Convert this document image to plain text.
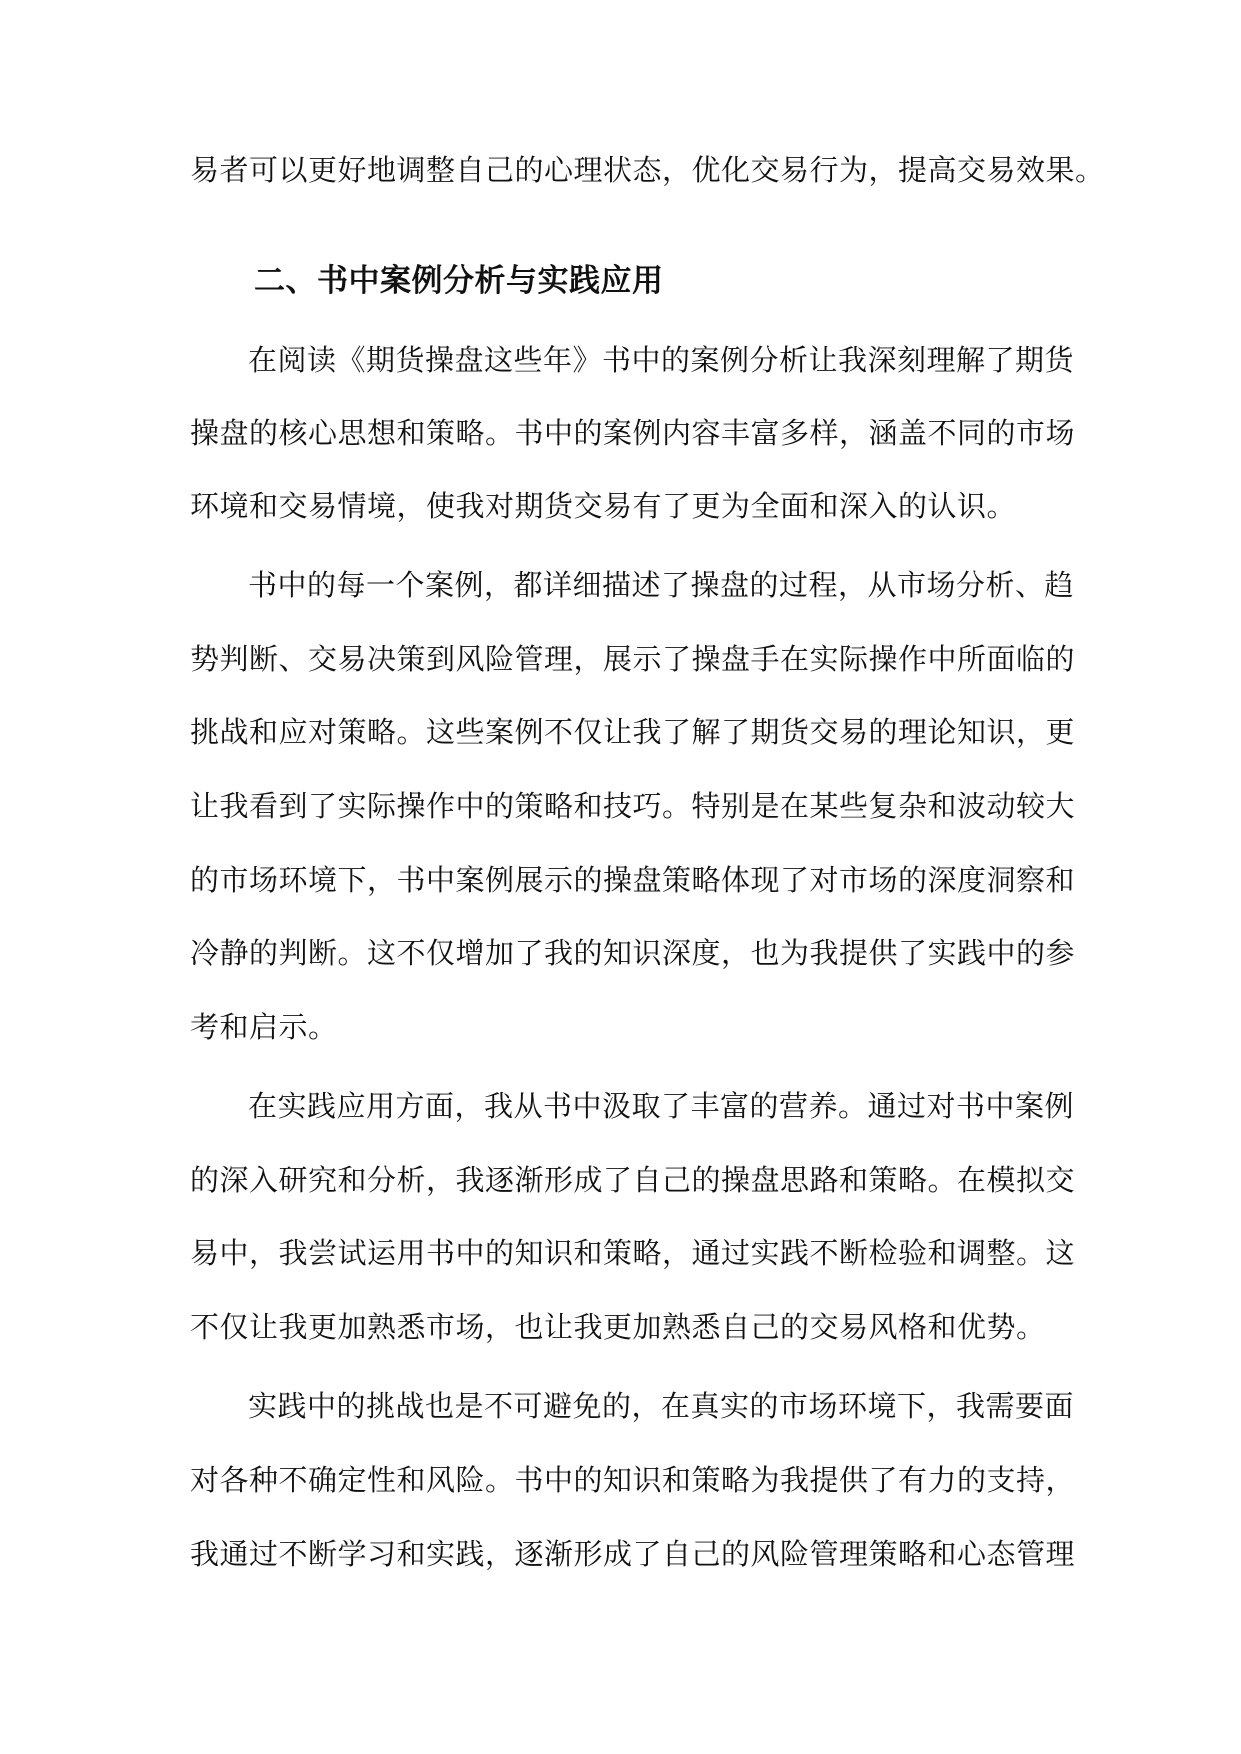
易者可以更好地调整自己的心理状态，优化交易行为，提高交易效果。

二、书中案例分析与实践应用

在阅读《期货操盘这些年》书中的案例分析让我深刻理解了期货

操盘的核心思想和策略。书中的案例内容丰富多样，涵盖不同的市场

环境和交易情境，使我对期货交易有了更为全面和深入的认识。

书中的每一个案例，都详细描述了操盘的过程，从市场分析、趋

势判断、交易决策到风险管理，展示了操盘手在实际操作中所面临的

挑战和应对策略。这些案例不仅让我了解了期货交易的理论知识，更

让我看到了实际操作中的策略和技巧。特别是在某些复杂和波动较大

的市场环境下，书中案例展示的操盘策略体现了对市场的深度洞察和

冷静的判断。这不仅增加了我的知识深度，也为我提供了实践中的参

考和启示。

在实践应用方面，我从书中汲取了丰富的营养。通过对书中案例

的深入研究和分析，我逐渐形成了自己的操盘思路和策略。在模拟交

易中，我尝试运用书中的知识和策略，通过实践不断检验和调整。这

不仅让我更加熟悉市场，也让我更加熟悉自己的交易风格和优势。

实践中的挑战也是不可避免的，在真实的市场环境下，我需要面

对各种不确定性和风险。书中的知识和策略为我提供了有力的支持，

我通过不断学习和实践，逐渐形成了自己的风险管理策略和心态管理
